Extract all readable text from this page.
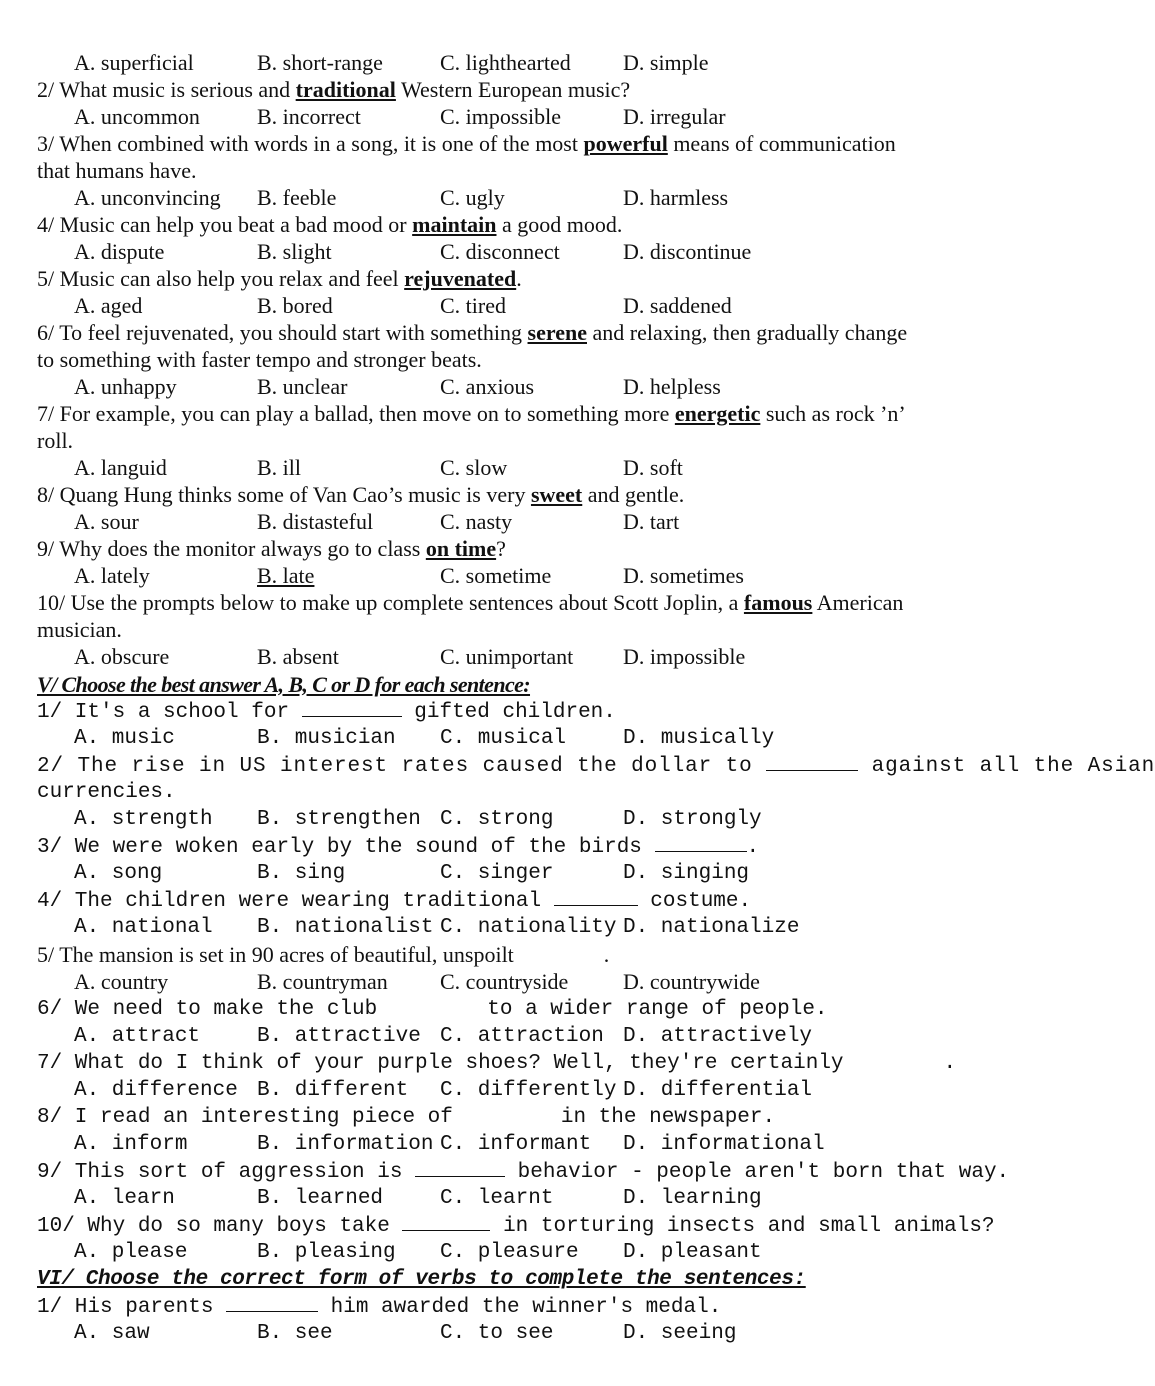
A. superficial	B. short-range	C. lighthearted D. simple
2/ What music is serious and traditional Western European music?
A. uncommon	B. incorrect	C. impossible	D. irregular
3/ When combined with words in a song, it is one of the most powerful means of communication
that humans have.
A. unconvincing B. feeble	C. ugly	D. harmless
4/ Music can help you beat a bad mood or maintain a good mood.
A. dispute	B. slight	C. disconnect	D. discontinue
5/ Music can also help you relax and feel rejuvenated.
A. aged	B. bored	C. tired	D. saddened
6/ To feel rejuvenated, you should start with something serene and relaxing, then gradually change
to something with faster tempo and stronger beats.
A. unhappy	B. unclear	C. anxious	D. helpless
7/ For example, you can play a ballad, then move on to something more energetic such as rock ’n’
roll.
A. languid	B. ill	C. slow	D. soft
8/ Quang Hung thinks some of Van Cao’s music is very sweet and gentle.
A. sour	B. distasteful	C. nasty	D. tart
9/ Why does the monitor always go to class on time?
A. lately	B. late	C. sometime	D. sometimes
10/ Use the prompts below to make up complete sentences about Scott Joplin, a famous American
musician.
A. obscure	B. absent	C. unimportant D. impossible
V/ Choose the best answer A, B, C or D for each sentence:
1/ It's a school for	gifted children.
A. music	B. musician C. musical	D. musically
2/ The rise in US interest rates caused the dollar to	against all the Asian
currencies.
A. strength B. strengthen C. strong	D. strongly
3/ We were woken early by the sound of the birds	.
A. song	B. sing	C. singer	D. singing
4/ The children were wearing traditional	costume.
A. national B. nationalist C. nationality D. nationalize
5/ The mansion is set in 90 acres of beautiful, unspoilt	.
A. country	B. countryman C. countryside D. countrywide
6/ We need to make the club	to a wider range of people.
A. attract	B. attractive C. attraction D. attractively
7/ What do I think of your purple shoes? Well, they're certainly	.
A. difference B. different C. differently D. differential
8/ I read an interesting piece of	in the newspaper.
A. inform	B. information C. informant D. informational
9/ This sort of aggression is	behavior - people aren't born that way.
A. learn	B. learned	C. learnt	D. learning
10/ Why do so many boys take	in torturing insects and small animals?
A. please	B. pleasing C. pleasure D. pleasant
VI/ Choose the correct form of verbs to complete the sentences:
1/ His parents	him awarded the winner's medal.
A. saw	B. see	C. to see	D. seeing
